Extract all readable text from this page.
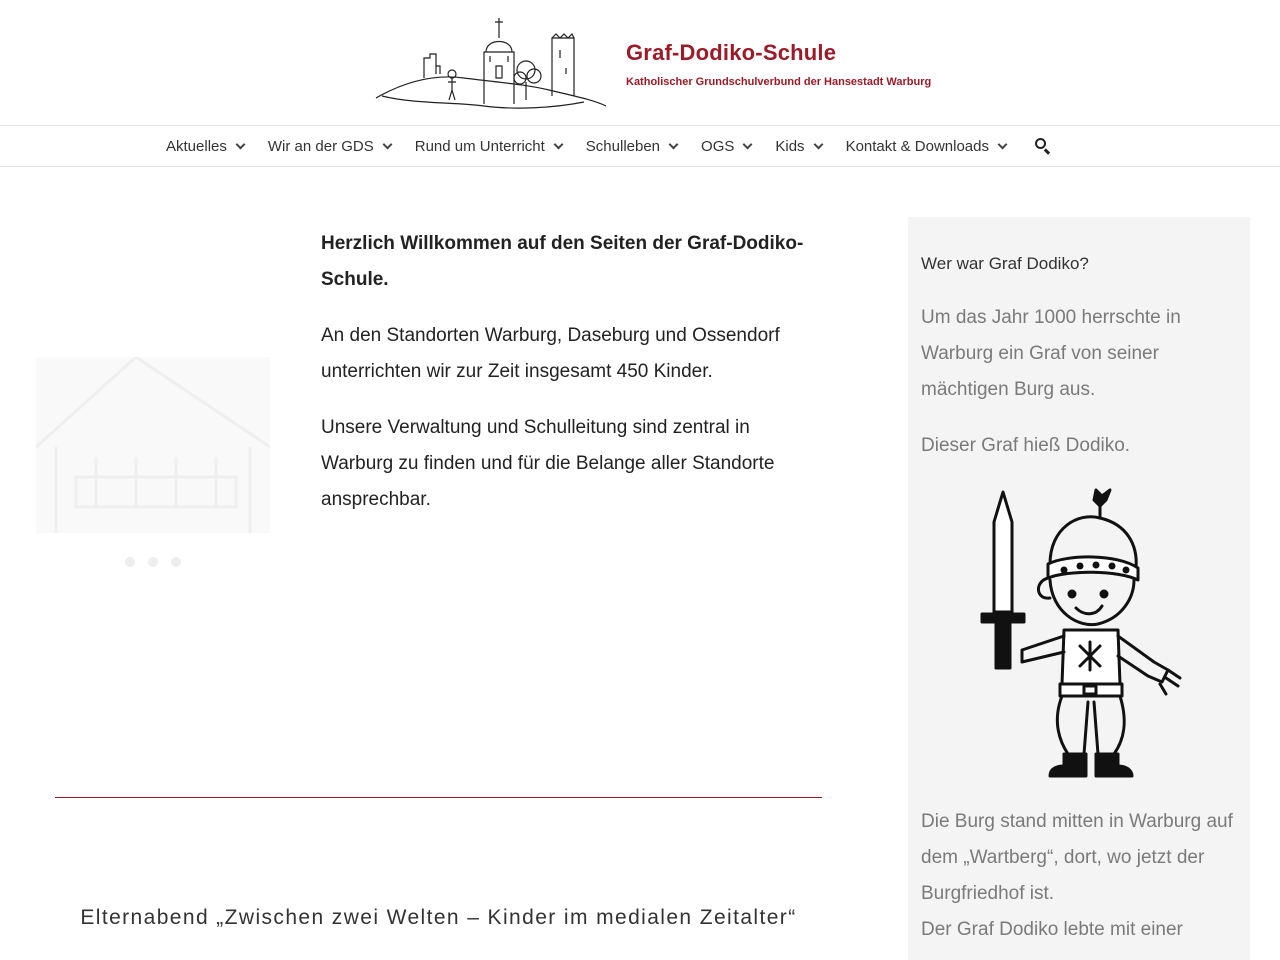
Graf-Dodiko-Schule
Katholischer Grundschulverbund der Hansestadt Warburg
Aktuelles	Wir an der GDS	Rund um Unterricht	Schulleben	OGS	Kids	Kontakt & Downloads
Herzlich Willkommen auf den Seiten der Graf-Dodiko-Schule.

An den Standorten Warburg, Daseburg und Ossendorf unterrichten wir zur Zeit insgesamt 450 Kinder.

Unsere Verwaltung und Schulleitung sind zentral in Warburg zu finden und für die Belange aller Standorte ansprechbar.

Elternabend „Zwischen zwei Welten – Kinder im medialen Zeitalter“
Wer war Graf Dodiko?
Um das Jahr 1000 herrschte in Warburg ein Graf von seiner mächtigen Burg aus.
Dieser Graf hieß Dodiko.
Die Burg stand mitten in Warburg auf dem „Wartberg“, dort, wo jetzt der Burgfriedhof ist.
Der Graf Dodiko lebte mit einer
